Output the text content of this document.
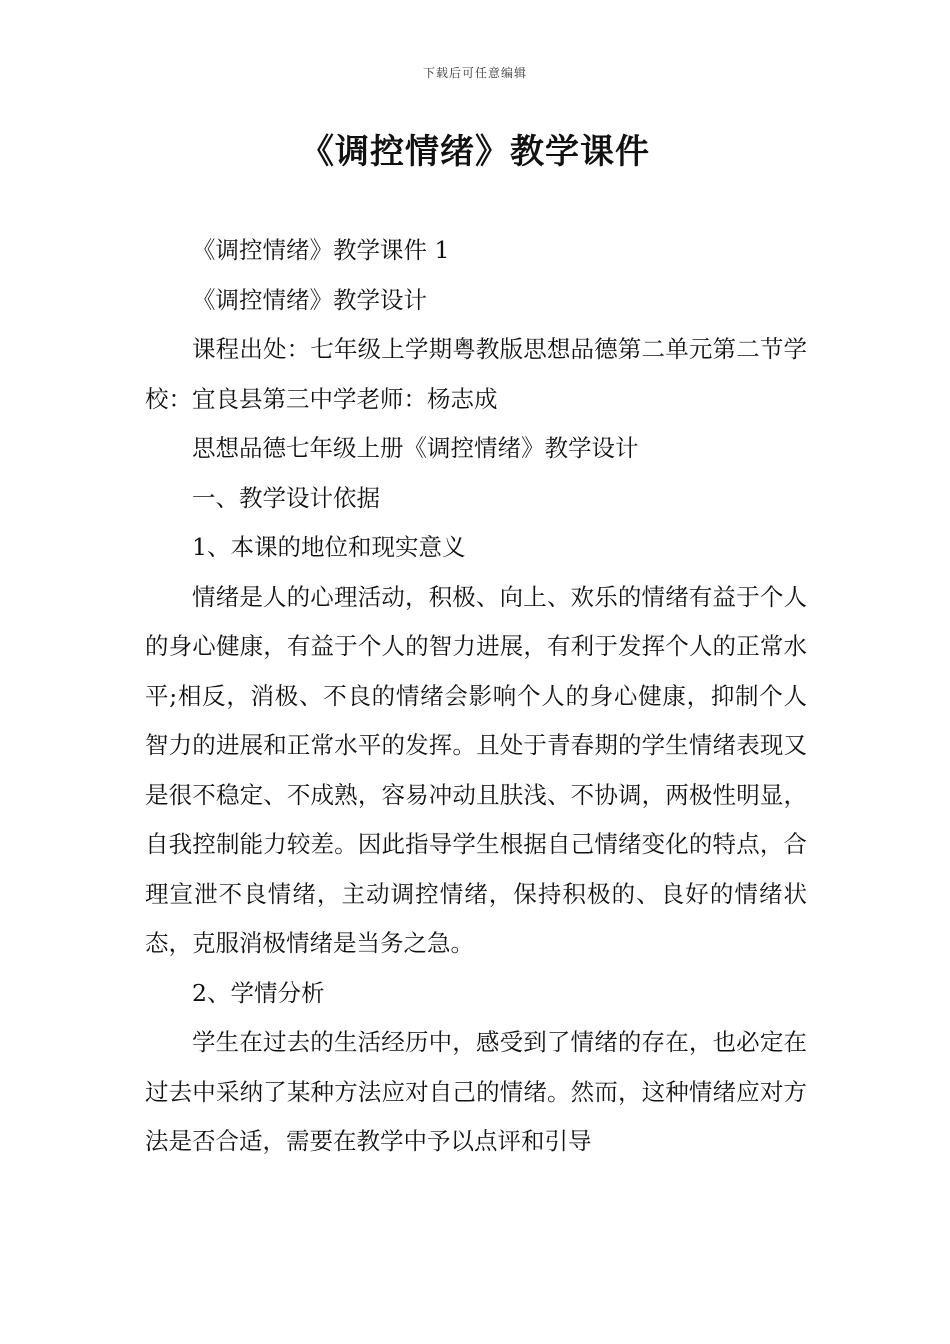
下载后可任意编辑
《调控情绪》教学课件

《调控情绪》教学课件 1

《调控情绪》教学设计

课程出处：七年级上学期粤教版思想品德第二单元第二节学校：宜良县第三中学老师：杨志成

思想品德七年级上册《调控情绪》教学设计

一、教学设计依据

1、本课的地位和现实意义

情绪是人的心理活动，积极、向上、欢乐的情绪有益于个人的身心健康，有益于个人的智力进展，有利于发挥个人的正常水平;相反，消极、不良的情绪会影响个人的身心健康，抑制个人智力的进展和正常水平的发挥。且处于青春期的学生情绪表现又是很不稳定、不成熟，容易冲动且肤浅、不协调，两极性明显，自我控制能力较差。因此指导学生根据自己情绪变化的特点，合理宣泄不良情绪，主动调控情绪，保持积极的、良好的情绪状态，克服消极情绪是当务之急。

2、学情分析

学生在过去的生活经历中，感受到了情绪的存在，也必定在过去中采纳了某种方法应对自己的情绪。然而，这种情绪应对方法是否合适，需要在教学中予以点评和引导
